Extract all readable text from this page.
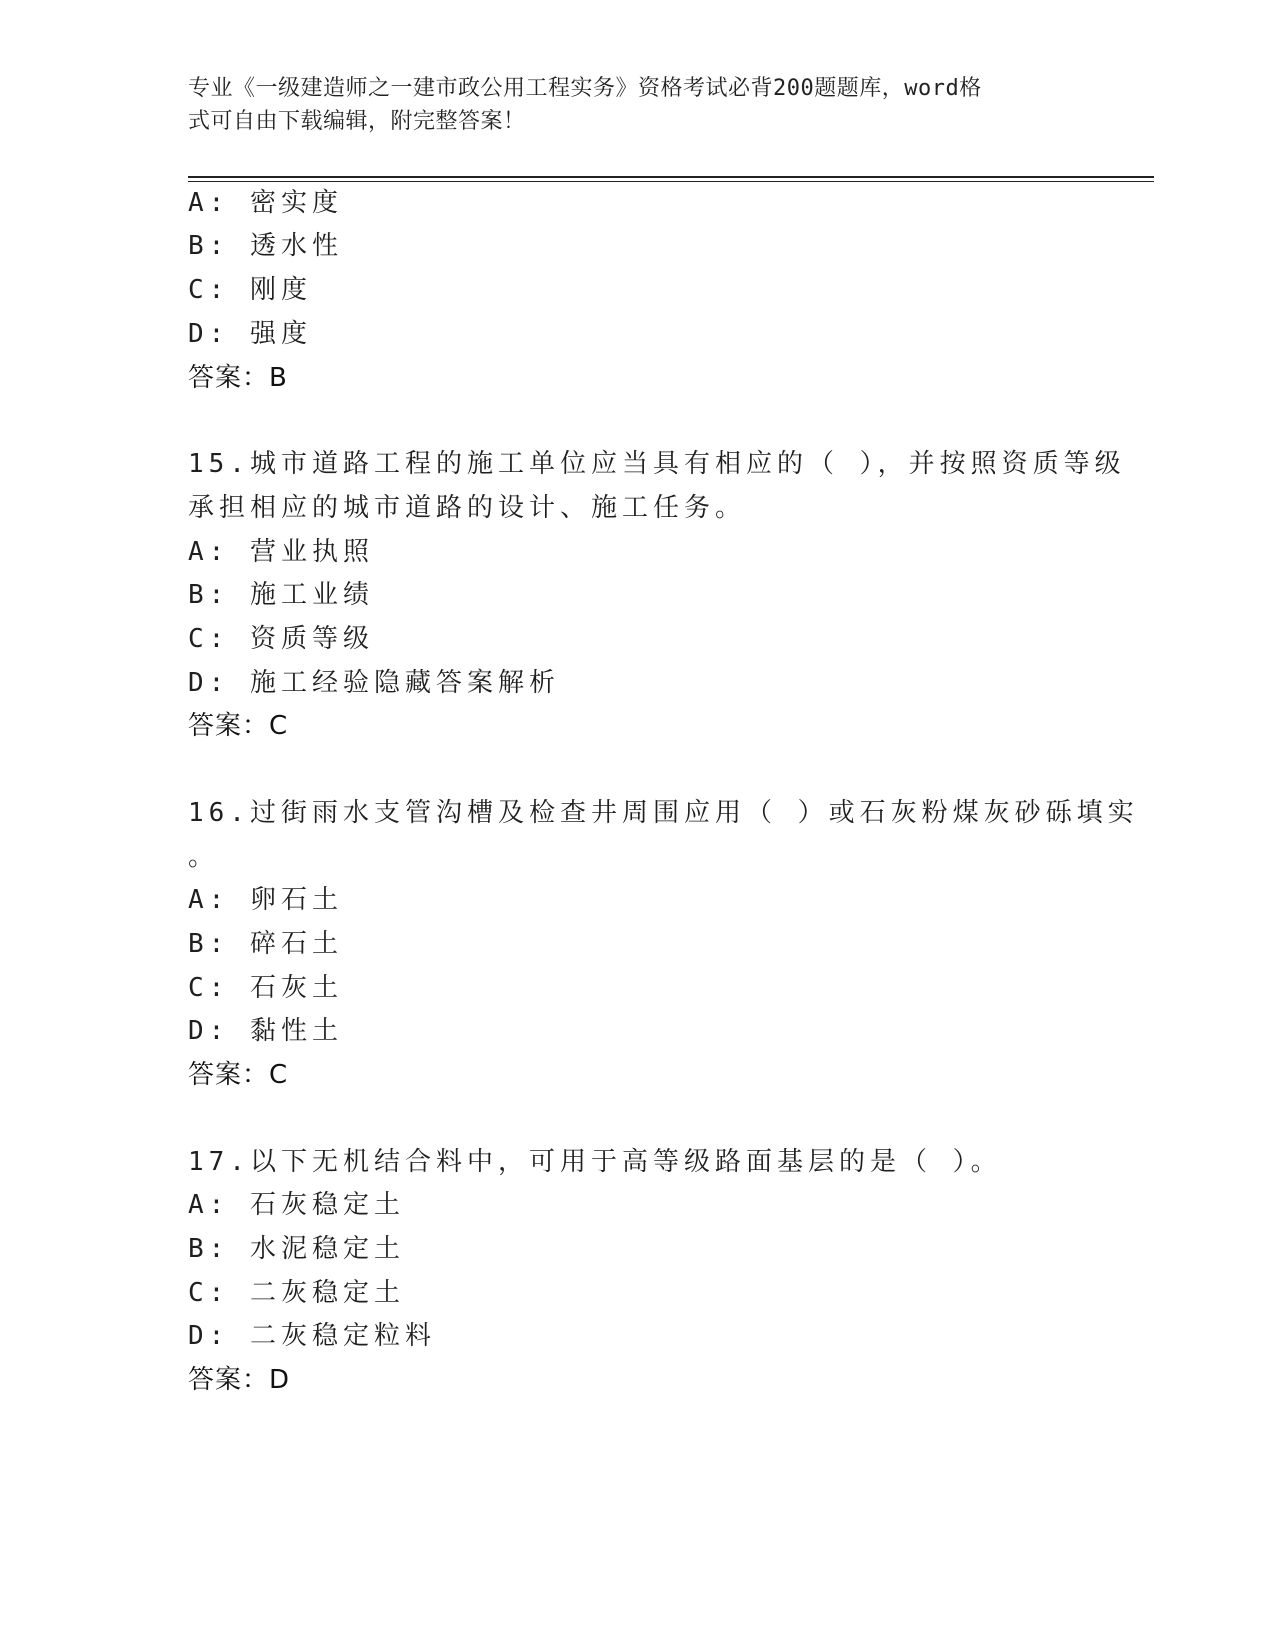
专业《一级建造师之一建市政公用工程实务》资格考试必背200题题库，word格
式可自由下载编辑，附完整答案！
A: 密实度
B: 透水性
C: 刚度
D: 强度
答案：B
15.城市道路工程的施工单位应当具有相应的（ ），并按照资质等级
承担相应的城市道路的设计、施工任务。
A: 营业执照
B: 施工业绩
C: 资质等级
D: 施工经验隐藏答案解析
答案：C
16.过街雨水支管沟槽及检查井周围应用（ ）或石灰粉煤灰砂砾填实
。
A: 卵石土
B: 碎石土
C: 石灰土
D: 黏性土
答案：C
17.以下无机结合料中，可用于高等级路面基层的是（ ）。
A: 石灰稳定土
B: 水泥稳定土
C: 二灰稳定土
D: 二灰稳定粒料
答案：D
